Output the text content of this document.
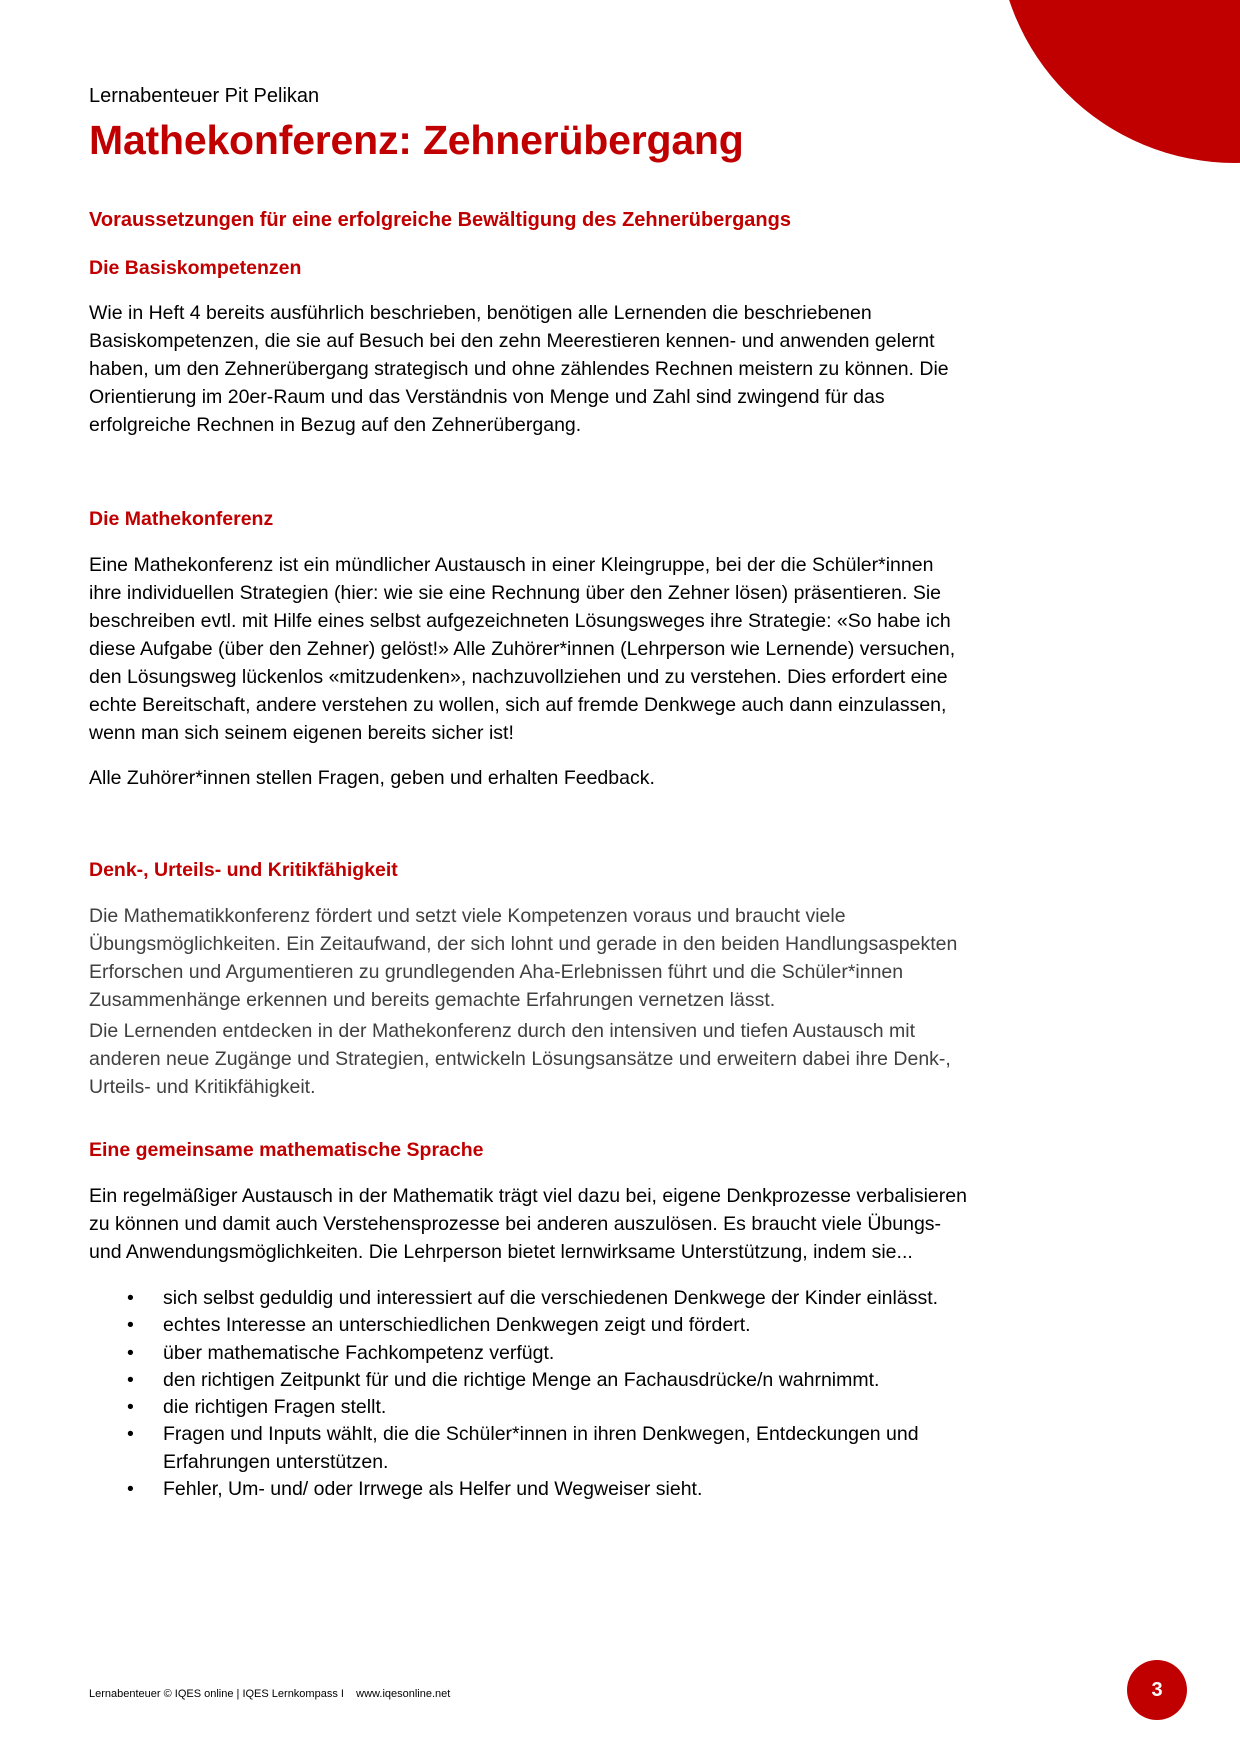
Lernabenteuer Pit Pelikan

Mathekonferenz: Zehnerübergang
Voraussetzungen für eine erfolgreiche Bewältigung des Zehnerübergangs
Die Basiskompetenzen
Wie in Heft 4 bereits ausführlich beschrieben, benötigen alle Lernenden die beschriebenen
Basiskompetenzen, die sie auf Besuch bei den zehn Meerestieren kennen- und anwenden gelernt
haben, um den Zehnerübergang strategisch und ohne zählendes Rechnen meistern zu können. Die
Orientierung im 20er-Raum und das Verständnis von Menge und Zahl sind zwingend für das
erfolgreiche Rechnen in Bezug auf den Zehnerübergang.
Die Mathekonferenz
Eine Mathekonferenz ist ein mündlicher Austausch in einer Kleingruppe, bei der die Schüler*innen
ihre individuellen Strategien (hier: wie sie eine Rechnung über den Zehner lösen) präsentieren. Sie
beschreiben evtl. mit Hilfe eines selbst aufgezeichneten Lösungsweges ihre Strategie: «So habe ich
diese Aufgabe (über den Zehner) gelöst!» Alle Zuhörer*innen (Lehrperson wie Lernende) versuchen,
den Lösungsweg lückenlos «mitzudenken», nachzuvollziehen und zu verstehen. Dies erfordert eine
echte Bereitschaft, andere verstehen zu wollen, sich auf fremde Denkwege auch dann einzulassen,
wenn man sich seinem eigenen bereits sicher ist!
Alle Zuhörer*innen stellen Fragen, geben und erhalten Feedback.
Denk-, Urteils- und Kritikfähigkeit
Die Mathematikkonferenz fördert und setzt viele Kompetenzen voraus und braucht viele
Übungsmöglichkeiten. Ein Zeitaufwand, der sich lohnt und gerade in den beiden Handlungsaspekten
Erforschen und Argumentieren zu grundlegenden Aha-Erlebnissen führt und die Schüler*innen
Zusammenhänge erkennen und bereits gemachte Erfahrungen vernetzen lässt.
Die Lernenden entdecken in der Mathekonferenz durch den intensiven und tiefen Austausch mit
anderen neue Zugänge und Strategien, entwickeln Lösungsansätze und erweitern dabei ihre Denk-,
Urteils- und Kritikfähigkeit.
Eine gemeinsame mathematische Sprache
Ein regelmäßiger Austausch in der Mathematik trägt viel dazu bei, eigene Denkprozesse verbalisieren
zu können und damit auch Verstehensprozesse bei anderen auszulösen. Es braucht viele Übungs-
und Anwendungsmöglichkeiten. Die Lehrperson bietet lernwirksame Unterstützung, indem sie...
• sich selbst geduldig und interessiert auf die verschiedenen Denkwege der Kinder einlässt.
• echtes Interesse an unterschiedlichen Denkwegen zeigt und fördert.
• über mathematische Fachkompetenz verfügt.
• den richtigen Zeitpunkt für und die richtige Menge an Fachausdrücke/n wahrnimmt.
• die richtigen Fragen stellt.
• Fragen und Inputs wählt, die die Schüler*innen in ihren Denkwegen, Entdeckungen und
Erfahrungen unterstützen.
• Fehler, Um- und/ oder Irrwege als Helfer und Wegweiser sieht.
Lernabenteuer © IQES online | IQES Lernkompass I    www.iqesonline.net	3
